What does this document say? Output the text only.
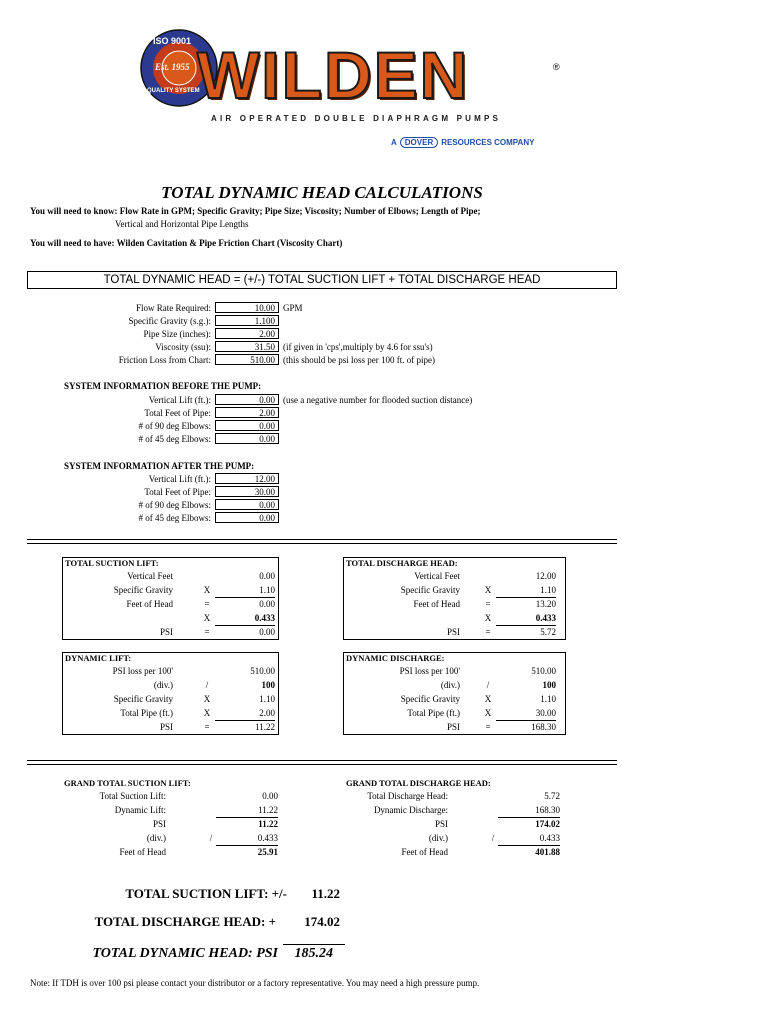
ISO 9001
Est. 1955
QUALITY SYSTEM
WILDEN	®
AIR OPERATED DOUBLE DIAPHRAGM PUMPS
A DOVER RESOURCES COMPANY
TOTAL DYNAMIC HEAD CALCULATIONS
You will need to know: Flow Rate in GPM; Specific Gravity; Pipe Size; Viscosity; Number of Elbows; Length of Pipe;
Vertical and Horizontal Pipe Lengths
You will need to have: Wilden Cavitation & Pipe Friction Chart (Viscosity Chart)
TOTAL DYNAMIC HEAD = (+/-) TOTAL SUCTION LIFT + TOTAL DISCHARGE HEAD
Flow Rate Required:	10.00 GPM
Specific Gravity (s.g.):	1.100
Pipe Size (inches):	2.00
Viscosity (ssu):	31.50 (if given in 'cps',multiply by 4.6 for ssu's)
Friction Loss from Chart:	510.00 (this should be psi loss per 100 ft. of pipe)
SYSTEM INFORMATION BEFORE THE PUMP:
Vertical Lift (ft.):	0.00 (use a negative number for flooded suction distance)
Total Feet of Pipe:	2.00
# of 90 deg Elbows:	0.00
# of 45 deg Elbows:	0.00
SYSTEM INFORMATION AFTER THE PUMP:
Vertical Lift (ft.):	12.00
Total Feet of Pipe:	30.00
# of 90 deg Elbows:	0.00
# of 45 deg Elbows:	0.00
TOTAL SUCTION LIFT:
Vertical Feet	0.00
Specific Gravity	X	1.10
Feet of Head	=	0.00
X	0.433
PSI	=	0.00
TOTAL DISCHARGE HEAD:
Vertical Feet	12.00
Specific Gravity	X	1.10
Feet of Head	=	13.20
X	0.433
PSI	=	5.72
DYNAMIC LIFT:
PSI loss per 100'	510.00
(div.)	/	100
Specific Gravity	X	1.10
Total Pipe (ft.)	X	2.00
PSI	=	11.22
DYNAMIC DISCHARGE:
PSI loss per 100'	510.00
(div.)	/	100
Specific Gravity	X	1.10
Total Pipe (ft.)	X	30.00
PSI	=	168.30
GRAND TOTAL SUCTION LIFT:
Total Suction Lift:	0.00
Dynamic Lift:	11.22
PSI	11.22
(div.)	/	0.433
Feet of Head	25.91
GRAND TOTAL DISCHARGE HEAD:
Total Discharge Head:	5.72
Dynamic Discharge:	168.30
PSI	174.02
(div.)	/	0.433
Feet of Head	401.88
TOTAL SUCTION LIFT: +/-	11.22
TOTAL DISCHARGE HEAD: +	174.02
TOTAL DYNAMIC HEAD: PSI	185.24
Note: If TDH is over 100 psi please contact your distributor or a factory representative. You may need a high pressure pump.
